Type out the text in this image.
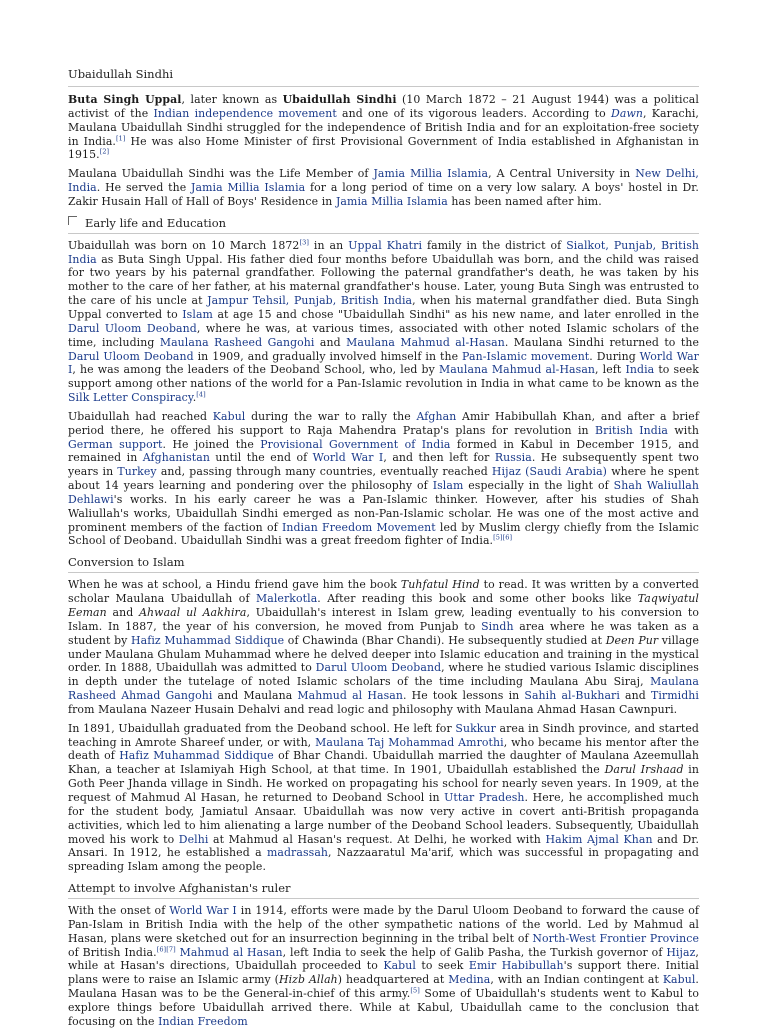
Ubaidullah Sindhi

Buta Singh Uppal, later known as Ubaidullah Sindhi (10 March 1872 – 21 August 1944) was a political activist of the Indian independence movement and one of its vigorous leaders. According to Dawn, Karachi, Maulana Ubaidullah Sindhi struggled for the independence of British India and for an exploitation-free society in India.[1] He was also Home Minister of first Provisional Government of India established in Afghanistan in 1915.[2]

Maulana Ubaidullah Sindhi was the Life Member of Jamia Millia Islamia, A Central University in New Delhi, India. He served the Jamia Millia Islamia for a long period of time on a very low salary. A boys' hostel in Dr. Zakir Husain Hall of Hall of Boys' Residence in Jamia Millia Islamia has been named after him.

Early life and Education

Ubaidullah was born on 10 March 1872[3] in an Uppal Khatri family in the district of Sialkot, Punjab, British India as Buta Singh Uppal. His father died four months before Ubaidullah was born, and the child was raised for two years by his paternal grandfather. Following the paternal grandfather's death, he was taken by his mother to the care of her father, at his maternal grandfather's house. Later, young Buta Singh was entrusted to the care of his uncle at Jampur Tehsil, Punjab, British India, when his maternal grandfather died. Buta Singh Uppal converted to Islam at age 15 and chose "Ubaidullah Sindhi" as his new name, and later enrolled in the Darul Uloom Deoband, where he was, at various times, associated with other noted Islamic scholars of the time, including Maulana Rasheed Gangohi and Maulana Mahmud al-Hasan. Maulana Sindhi returned to the Darul Uloom Deoband in 1909, and gradually involved himself in the Pan-Islamic movement. During World War I, he was among the leaders of the Deoband School, who, led by Maulana Mahmud al-Hasan, left India to seek support among other nations of the world for a Pan-Islamic revolution in India in what came to be known as the Silk Letter Conspiracy.[4]

Ubaidullah had reached Kabul during the war to rally the Afghan Amir Habibullah Khan, and after a brief period there, he offered his support to Raja Mahendra Pratap's plans for revolution in British India with German support. He joined the Provisional Government of India formed in Kabul in December 1915, and remained in Afghanistan until the end of World War I, and then left for Russia. He subsequently spent two years in Turkey and, passing through many countries, eventually reached Hijaz (Saudi Arabia) where he spent about 14 years learning and pondering over the philosophy of Islam especially in the light of Shah Waliullah Dehlawi's works. In his early career he was a Pan-Islamic thinker. However, after his studies of Shah Waliullah's works, Ubaidullah Sindhi emerged as non-Pan-Islamic scholar. He was one of the most active and prominent members of the faction of Indian Freedom Movement led by Muslim clergy chiefly from the Islamic School of Deoband. Ubaidullah Sindhi was a great freedom fighter of India.[5][6]

Conversion to Islam

When he was at school, a Hindu friend gave him the book Tuhfatul Hind to read. It was written by a converted scholar Maulana Ubaidullah of Malerkotla. After reading this book and some other books like Taqwiyatul Eeman and Ahwaal ul Aakhira, Ubaidullah's interest in Islam grew, leading eventually to his conversion to Islam. In 1887, the year of his conversion, he moved from Punjab to Sindh area where he was taken as a student by Hafiz Muhammad Siddique of Chawinda (Bhar Chandi). He subsequently studied at Deen Pur village under Maulana Ghulam Muhammad where he delved deeper into Islamic education and training in the mystical order. In 1888, Ubaidullah was admitted to Darul Uloom Deoband, where he studied various Islamic disciplines in depth under the tutelage of noted Islamic scholars of the time including Maulana Abu Siraj, Maulana Rasheed Ahmad Gangohi and Maulana Mahmud al Hasan. He took lessons in Sahih al-Bukhari and Tirmidhi from Maulana Nazeer Husain Dehalvi and read logic and philosophy with Maulana Ahmad Hasan Cawnpuri.

In 1891, Ubaidullah graduated from the Deoband school. He left for Sukkur area in Sindh province, and started teaching in Amrote Shareef under, or with, Maulana Taj Mohammad Amrothi, who became his mentor after the death of Hafiz Muhammad Siddique of Bhar Chandi. Ubaidullah married the daughter of Maulana Azeemullah Khan, a teacher at Islamiyah High School, at that time. In 1901, Ubaidullah established the Darul Irshaad in Goth Peer Jhanda village in Sindh. He worked on propagating his school for nearly seven years. In 1909, at the request of Mahmud Al Hasan, he returned to Deoband School in Uttar Pradesh. Here, he accomplished much for the student body, Jamiatul Ansaar. Ubaidullah was now very active in covert anti-British propaganda activities, which led to him alienating a large number of the Deoband School leaders. Subsequently, Ubaidullah moved his work to Delhi at Mahmud al Hasan's request. At Delhi, he worked with Hakim Ajmal Khan and Dr. Ansari. In 1912, he established a madrassah, Nazzaaratul Ma'arif, which was successful in propagating and spreading Islam among the people.

Attempt to involve Afghanistan's ruler

With the onset of World War I in 1914, efforts were made by the Darul Uloom Deoband to forward the cause of Pan-Islam in British India with the help of the other sympathetic nations of the world. Led by Mahmud al Hasan, plans were sketched out for an insurrection beginning in the tribal belt of North-West Frontier Province of British India.[6][7] Mahmud al Hasan, left India to seek the help of Galib Pasha, the Turkish governor of Hijaz, while at Hasan's directions, Ubaidullah proceeded to Kabul to seek Emir Habibullah's support there. Initial plans were to raise an Islamic army (Hizb Allah) headquartered at Medina, with an Indian contingent at Kabul. Maulana Hasan was to be the General-in-chief of this army.[5] Some of Ubaidullah's students went to Kabul to explore things before Ubaidullah arrived there. While at Kabul, Ubaidullah came to the conclusion that focusing on the Indian Freedom
